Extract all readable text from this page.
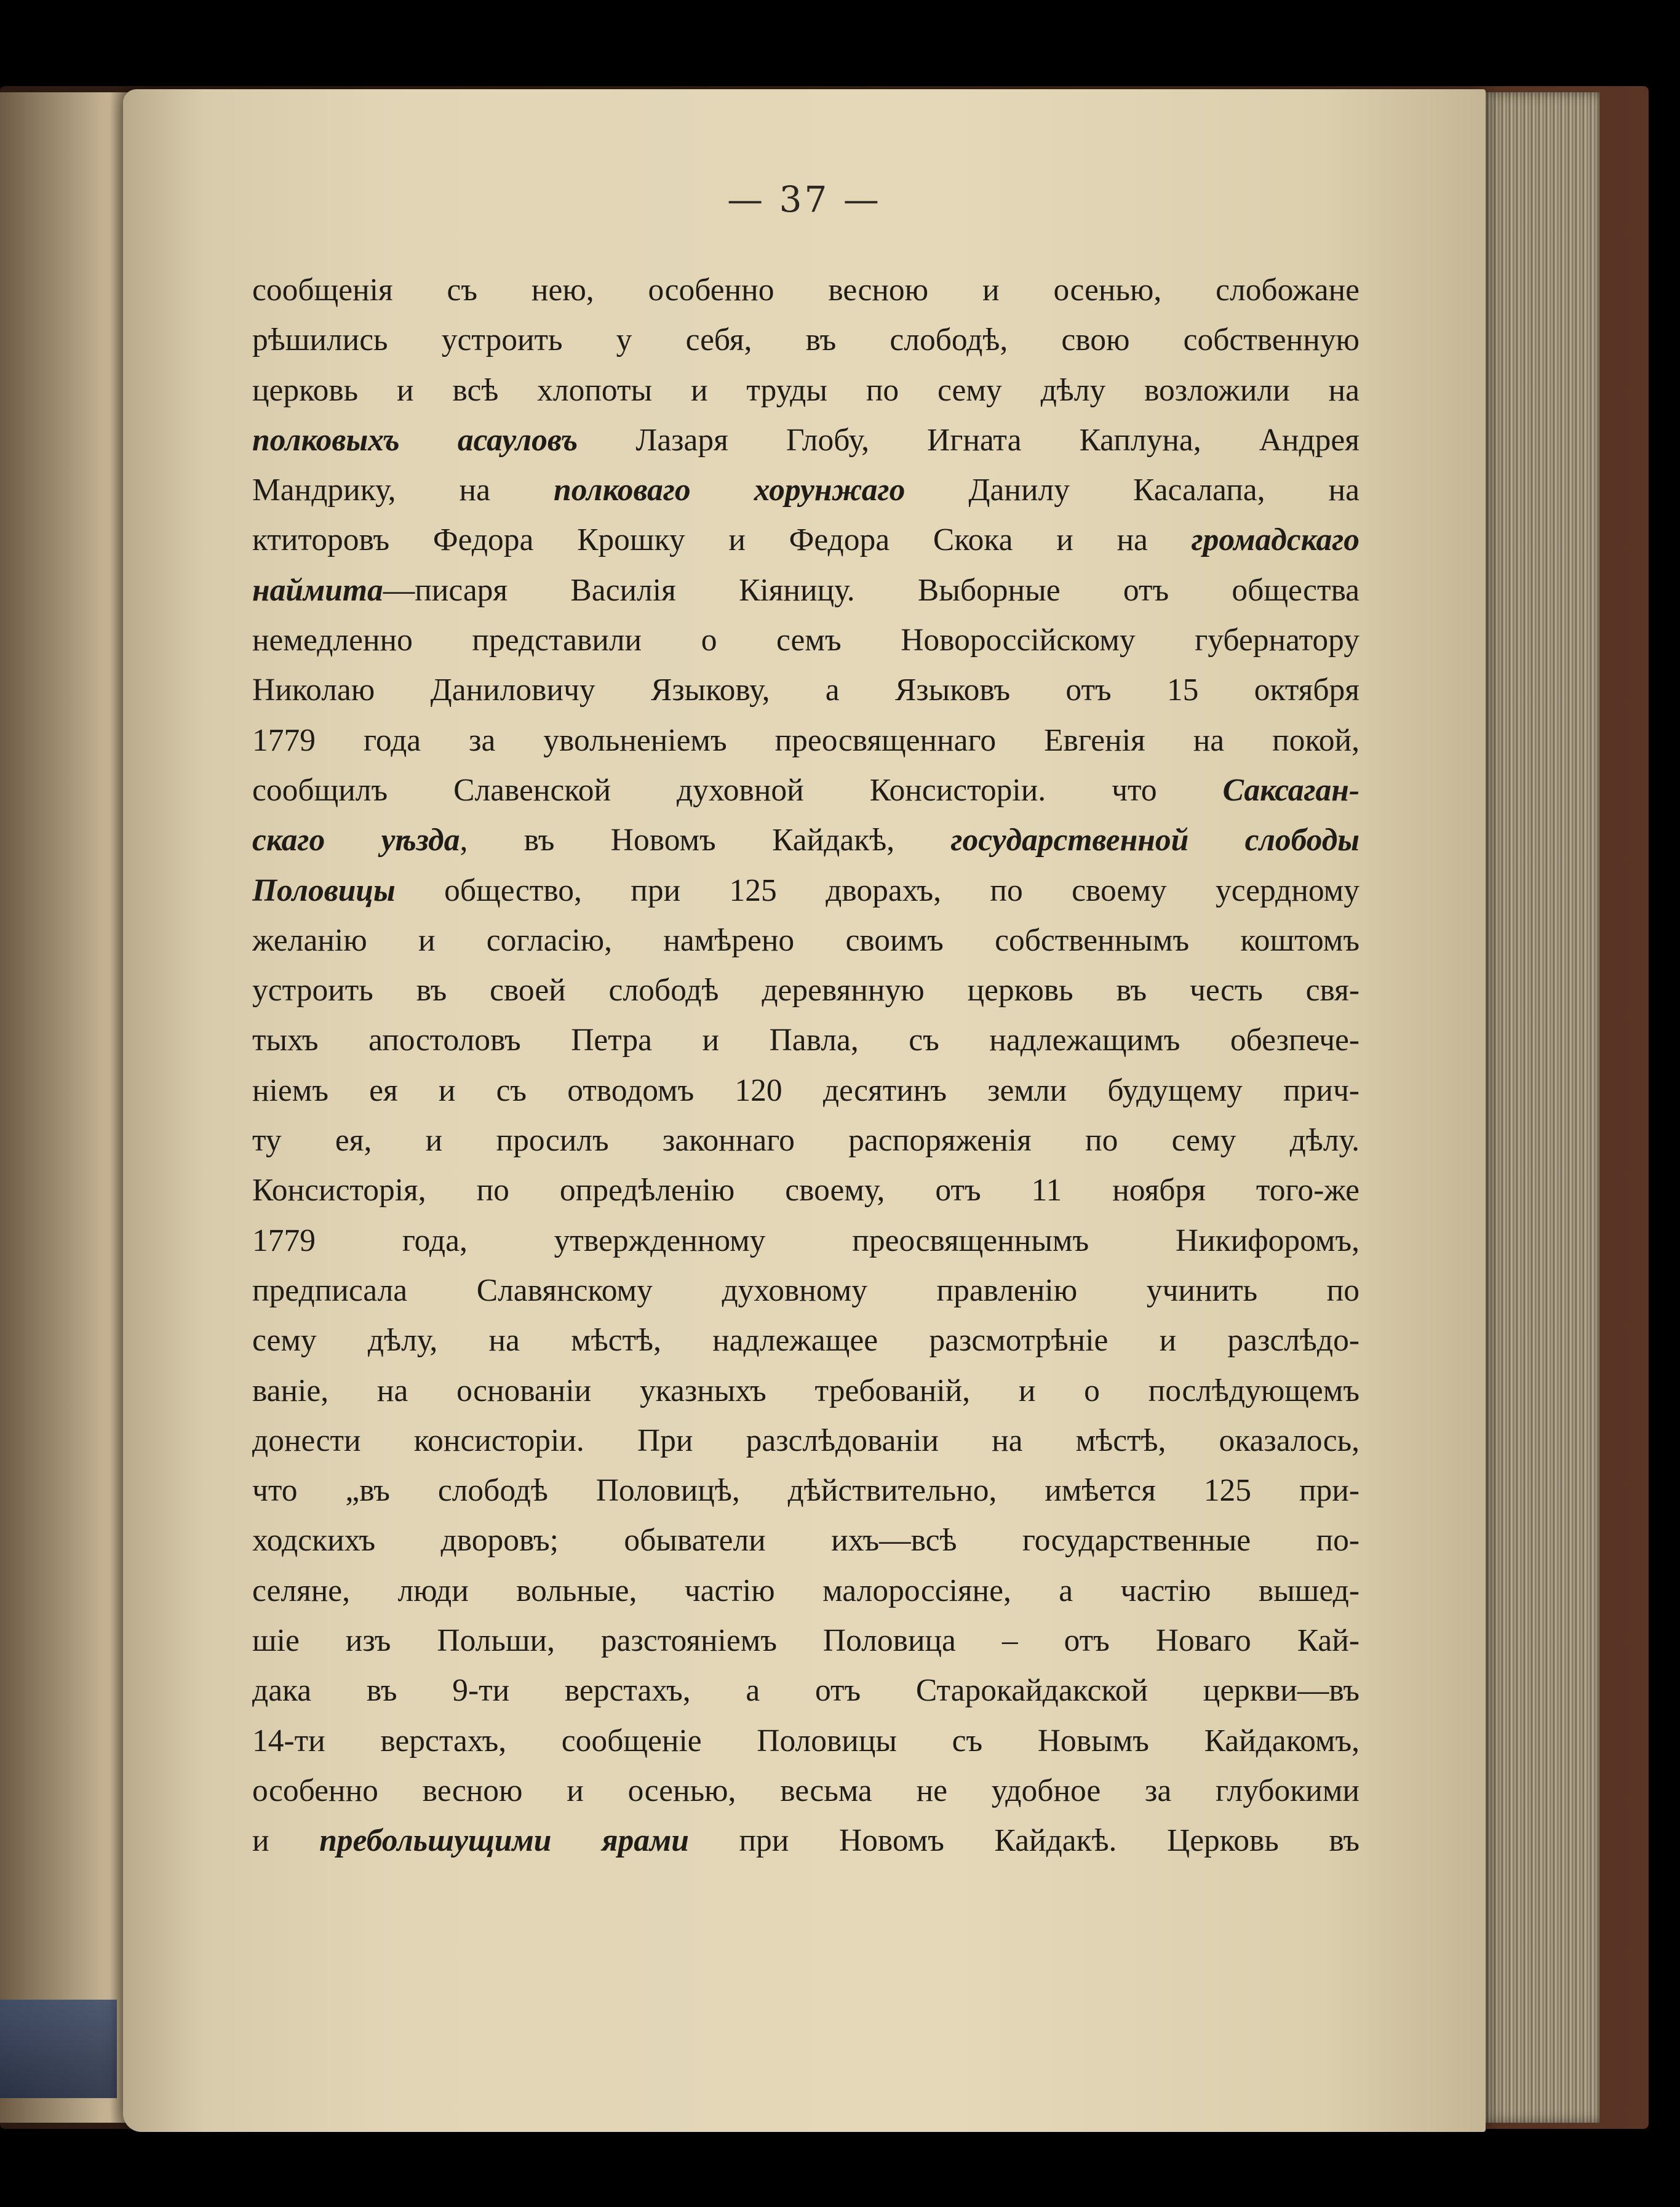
— 37 —
сообщенія съ нею, особенно весною и осенью, слобожане
рѣшились устроить у себя, въ слободѣ, свою собственную
церковь и всѣ хлопоты и труды по сему дѣлу возложили на
полковыхъ асауловъ Лазаря Глобу, Игната Каплуна, Андрея
Мандрику, на полковаго хорунжаго Данилу Касалапа, на
ктиторовъ Федора Крошку и Федора Скока и на громадскаго
наймита––писаря Василія Кіяницу. Выборные отъ общества
немедленно представили о семъ Новороссійскому губернатору
Николаю Даниловичу Языкову, а Языковъ отъ 15 октября
1779 года за увольненіемъ преосвященнаго Евгенія на покой,
сообщилъ Славенской духовной Консисторіи. что Саксаган-
скаго уѣзда, въ Новомъ Кайдакѣ, государственной слободы
Половицы общество, при 125 дворахъ, по своему усердному
желанію и согласію, намѣрено своимъ собственнымъ коштомъ
устроить въ своей слободѣ деревянную церковь въ честь свя-
тыхъ апостоловъ Петра и Павла, съ надлежащимъ обезпече-
ніемъ ея и съ отводомъ 120 десятинъ земли будущему прич-
ту ея, и просилъ законнаго распоряженія по сему дѣлу.
Консисторія, по опредѣленію своему, отъ 11 ноября того-же
1779 года, утвержденному преосвященнымъ Никифоромъ,
предписала Славянскому духовному правленію учинить по
сему дѣлу, на мѣстѣ, надлежащее разсмотрѣніе и разслѣдо-
ваніе, на основаніи указныхъ требованій, и о послѣдующемъ
донести консисторіи. При разслѣдованіи на мѣстѣ, оказалось,
что „въ слободѣ Половицѣ, дѣйствительно, имѣется 125 при-
ходскихъ дворовъ; обыватели ихъ––всѣ государственные по-
селяне, люди вольные, частію малороссіяне, а частію вышед-
шіе изъ Польши, разстояніемъ Половица – отъ Новаго Кай-
дака въ 9-ти верстахъ, а отъ Старокайдакской церкви—въ
14-ти верстахъ, сообщеніе Половицы съ Новымъ Кайдакомъ,
особенно весною и осенью, весьма не удобное за глубокими
и пребольшущими ярами при Новомъ Кайдакѣ. Церковь въ
